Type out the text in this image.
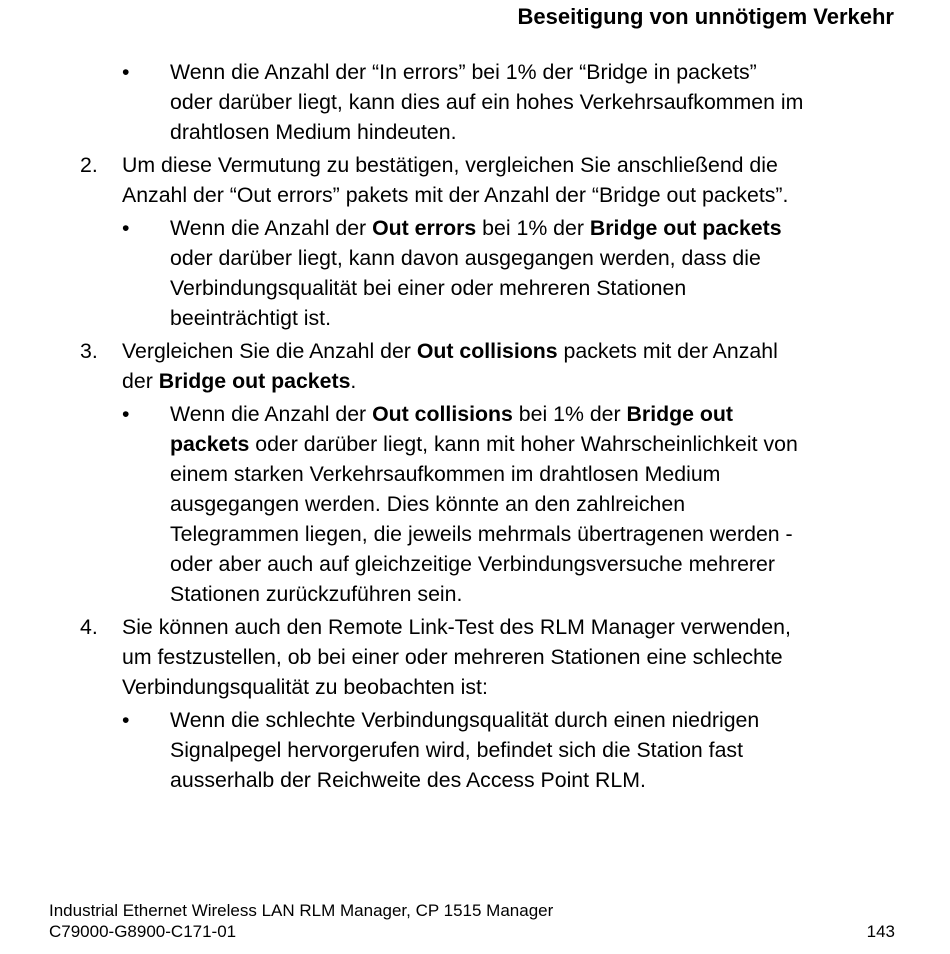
Beseitigung von unnötigem Verkehr
• Wenn die Anzahl der “In errors” bei 1% der “Bridge in packets”
oder darüber liegt, kann dies auf ein hohes Verkehrsaufkommen im
drahtlosen Medium hindeuten.
2. Um diese Vermutung zu bestätigen, vergleichen Sie anschließend die
Anzahl der “Out errors” pakets mit der Anzahl der “Bridge out packets”.
• Wenn die Anzahl der Out errors bei 1% der Bridge out packets
oder darüber liegt, kann davon ausgegangen werden, dass die
Verbindungsqualität bei einer oder mehreren Stationen
beeinträchtigt ist.
3. Vergleichen Sie die Anzahl der Out collisions packets mit der Anzahl
der Bridge out packets.
• Wenn die Anzahl der Out collisions bei 1% der Bridge out
packets oder darüber liegt, kann mit hoher Wahrscheinlichkeit von
einem starken Verkehrsaufkommen im drahtlosen Medium
ausgegangen werden. Dies könnte an den zahlreichen
Telegrammen liegen, die jeweils mehrmals übertragenen werden -
oder aber auch auf gleichzeitige Verbindungsversuche mehrerer
Stationen zurückzuführen sein.
4. Sie können auch den Remote Link-Test des RLM Manager verwenden,
um festzustellen, ob bei einer oder mehreren Stationen eine schlechte
Verbindungsqualität zu beobachten ist:
• Wenn die schlechte Verbindungsqualität durch einen niedrigen
Signalpegel hervorgerufen wird, befindet sich die Station fast
ausserhalb der Reichweite des Access Point RLM.
Industrial Ethernet Wireless LAN RLM Manager, CP 1515 Manager
C79000-G8900-C171-01	143
